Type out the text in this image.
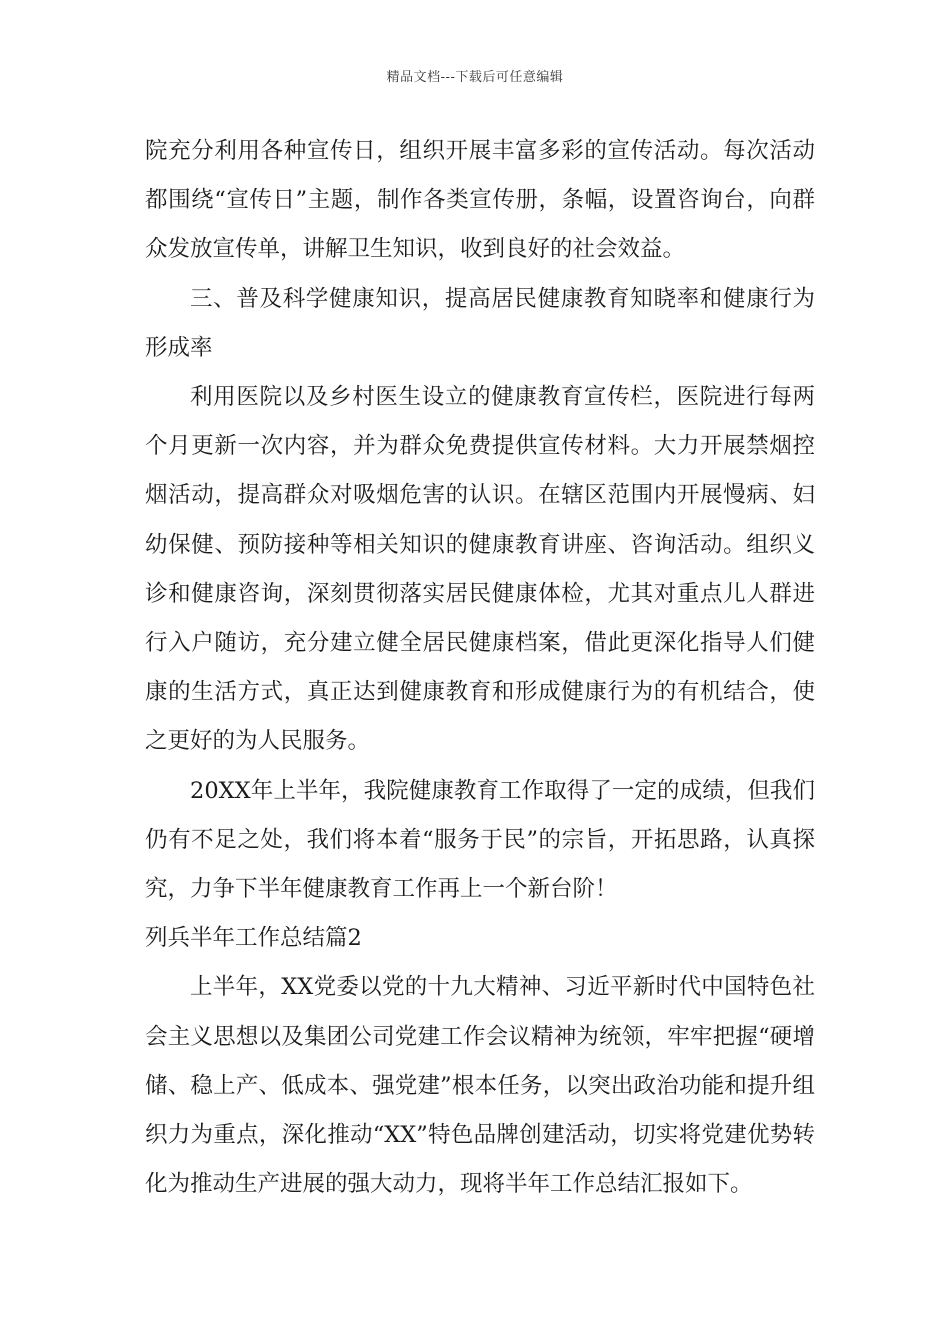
精品文档---下载后可任意编辑

院充分利用各种宣传日，组织开展丰富多彩的宣传活动。每次活动都围绕“宣传日”主题，制作各类宣传册，条幅，设置咨询台，向群众发放宣传单，讲解卫生知识，收到良好的社会效益。

三、普及科学健康知识，提高居民健康教育知晓率和健康行为形成率

利用医院以及乡村医生设立的健康教育宣传栏，医院进行每两个月更新一次内容，并为群众免费提供宣传材料。大力开展禁烟控烟活动，提高群众对吸烟危害的认识。在辖区范围内开展慢病、妇幼保健、预防接种等相关知识的健康教育讲座、咨询活动。组织义诊和健康咨询，深刻贯彻落实居民健康体检，尤其对重点儿人群进行入户随访，充分建立健全居民健康档案，借此更深化指导人们健康的生活方式，真正达到健康教育和形成健康行为的有机结合，使之更好的为人民服务。

20XX年上半年，我院健康教育工作取得了一定的成绩，但我们仍有不足之处，我们将本着“服务于民”的宗旨，开拓思路，认真探究，力争下半年健康教育工作再上一个新台阶！

列兵半年工作总结篇2

上半年，XX党委以党的十九大精神、习近平新时代中国特色社会主义思想以及集团公司党建工作会议精神为统领，牢牢把握“硬增储、稳上产、低成本、强党建”根本任务，以突出政治功能和提升组织力为重点，深化推动“XX”特色品牌创建活动，切实将党建优势转化为推动生产进展的强大动力，现将半年工作总结汇报如下。
